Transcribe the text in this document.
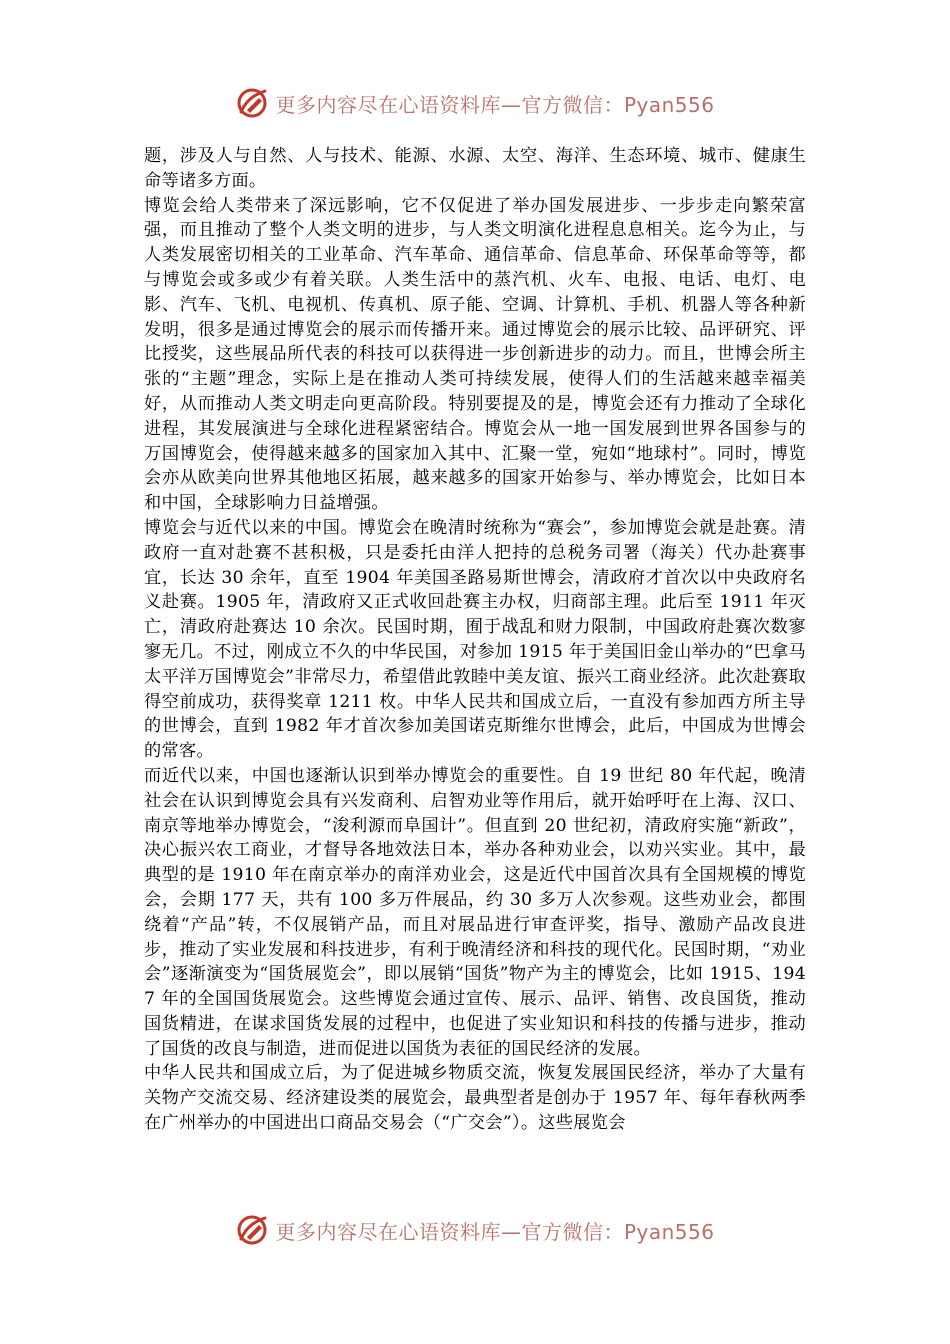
更多内容尽在心语资料库—官方微信：Pyan556

题，涉及人与自然、人与技术、能源、水源、太空、海洋、生态环境、城市、健康生命等诸多方面。

博览会给人类带来了深远影响，它不仅促进了举办国发展进步、一步步走向繁荣富强，而且推动了整个人类文明的进步，与人类文明演化进程息息相关。迄今为止，与人类发展密切相关的工业革命、汽车革命、通信革命、信息革命、环保革命等等，都与博览会或多或少有着关联。人类生活中的蒸汽机、火车、电报、电话、电灯、电影、汽车、飞机、电视机、传真机、原子能、空调、计算机、手机、机器人等各种新发明，很多是通过博览会的展示而传播开来。通过博览会的展示比较、品评研究、评比授奖，这些展品所代表的科技可以获得进一步创新进步的动力。而且，世博会所主张的“主题”理念，实际上是在推动人类可持续发展，使得人们的生活越来越幸福美好，从而推动人类文明走向更高阶段。特别要提及的是，博览会还有力推动了全球化进程，其发展演进与全球化进程紧密结合。博览会从一地一国发展到世界各国参与的万国博览会，使得越来越多的国家加入其中、汇聚一堂，宛如“地球村”。同时，博览会亦从欧美向世界其他地区拓展，越来越多的国家开始参与、举办博览会，比如日本和中国，全球影响力日益增强。

博览会与近代以来的中国。博览会在晚清时统称为“赛会”，参加博览会就是赴赛。清政府一直对赴赛不甚积极，只是委托由洋人把持的总税务司署（海关）代办赴赛事宜，长达 30 余年，直至 1904 年美国圣路易斯世博会，清政府才首次以中央政府名义赴赛。1905 年，清政府又正式收回赴赛主办权，归商部主理。此后至 1911 年灭亡，清政府赴赛达 10 余次。民国时期，囿于战乱和财力限制，中国政府赴赛次数寥寥无几。不过，刚成立不久的中华民国，对参加 1915 年于美国旧金山举办的“巴拿马太平洋万国博览会”非常尽力，希望借此敦睦中美友谊、振兴工商业经济。此次赴赛取得空前成功，获得奖章 1211 枚。中华人民共和国成立后，一直没有参加西方所主导的世博会，直到 1982 年才首次参加美国诺克斯维尔世博会，此后，中国成为世博会的常客。

而近代以来，中国也逐渐认识到举办博览会的重要性。自 19 世纪 80 年代起，晚清社会在认识到博览会具有兴发商利、启智劝业等作用后，就开始呼吁在上海、汉口、南京等地举办博览会，“浚利源而阜国计”。但直到 20 世纪初，清政府实施“新政”，决心振兴农工商业，才督导各地效法日本，举办各种劝业会，以劝兴实业。其中，最典型的是 1910 年在南京举办的南洋劝业会，这是近代中国首次具有全国规模的博览会，会期 177 天，共有 100 多万件展品，约 30 多万人次参观。这些劝业会，都围绕着“产品”转，不仅展销产品，而且对展品进行审查评奖，指导、激励产品改良进步，推动了实业发展和科技进步，有利于晚清经济和科技的现代化。民国时期，“劝业会”逐渐演变为“国货展览会”，即以展销“国货”物产为主的博览会，比如 1915、1947 年的全国国货展览会。这些博览会通过宣传、展示、品评、销售、改良国货，推动国货精进，在谋求国货发展的过程中，也促进了实业知识和科技的传播与进步，推动了国货的改良与制造，进而促进以国货为表征的国民经济的发展。

中华人民共和国成立后，为了促进城乡物质交流，恢复发展国民经济，举办了大量有关物产交流交易、经济建设类的展览会，最典型者是创办于 1957 年、每年春秋两季在广州举办的中国进出口商品交易会（“广交会”）。这些展览会

更多内容尽在心语资料库—官方微信：Pyan556
